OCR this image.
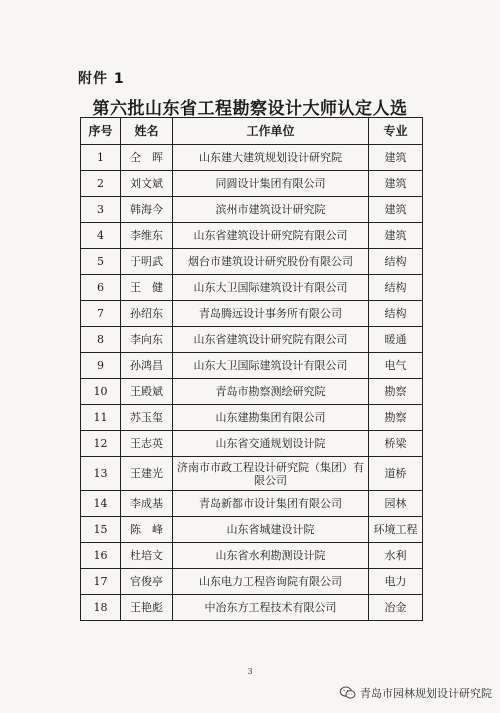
附件 1
第六批山东省工程勘察设计大师认定人选
序号	姓名	工作单位	专业
1	仝　晖	山东建大建筑规划设计研究院	建筑
2	刘文斌	同圆设计集团有限公司	建筑
3	韩海今	滨州市建筑设计研究院	建筑
4	李维东	山东省建筑设计研究院有限公司	建筑
5	于明武	烟台市建筑设计研究股份有限公司	结构
6	王　健	山东大卫国际建筑设计有限公司	结构
7	孙绍东	青岛腾远设计事务所有限公司	结构
8	李向东	山东省建筑设计研究院有限公司	暖通
9	孙鸿昌	山东大卫国际建筑设计有限公司	电气
10	王殿斌	青岛市勘察测绘研究院	勘察
11	苏玉玺	山东建勘集团有限公司	勘察
12	王志英	山东省交通规划设计院	桥梁
13	王建光	济南市市政工程设计研究院（集团）有限公司	道桥
14	李成基	青岛新都市设计集团有限公司	园林
15	陈　峰	山东省城建设计院	环境工程
16	杜培文	山东省水利勘测设计院	水利
17	官俊亭	山东电力工程咨询院有限公司	电力
18	王艳彪	中冶东方工程技术有限公司	冶金
3
青岛市园林规划设计研究院
